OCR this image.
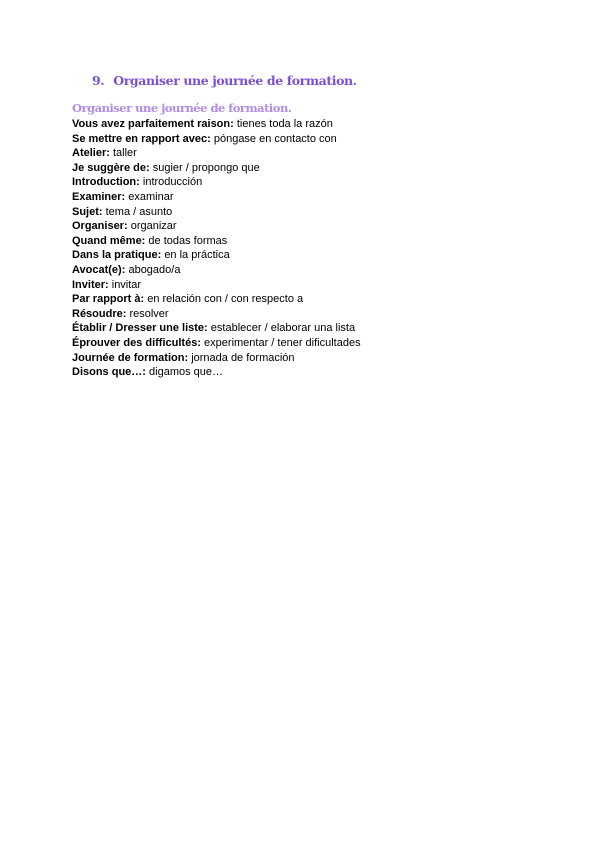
9. Organiser une journée de formation.
Organiser une journée de formation.
Vous avez parfaitement raison: tienes toda la razón
Se mettre en rapport avec: póngase en contacto con
Atelier: taller
Je suggère de: sugier / propongo que
Introduction: introducción
Examiner: examinar
Sujet: tema / asunto
Organiser: organizar
Quand même: de todas formas
Dans la pratique: en la práctica
Avocat(e): abogado/a
Inviter: invitar
Par rapport à: en relación con / con respecto a
Résoudre: resolver
Établir / Dresser une liste: establecer / elaborar una lista
Éprouver des difficultés: experimentar / tener dificultades
Journée de formation: jornada de formación
Disons que…: digamos que…
